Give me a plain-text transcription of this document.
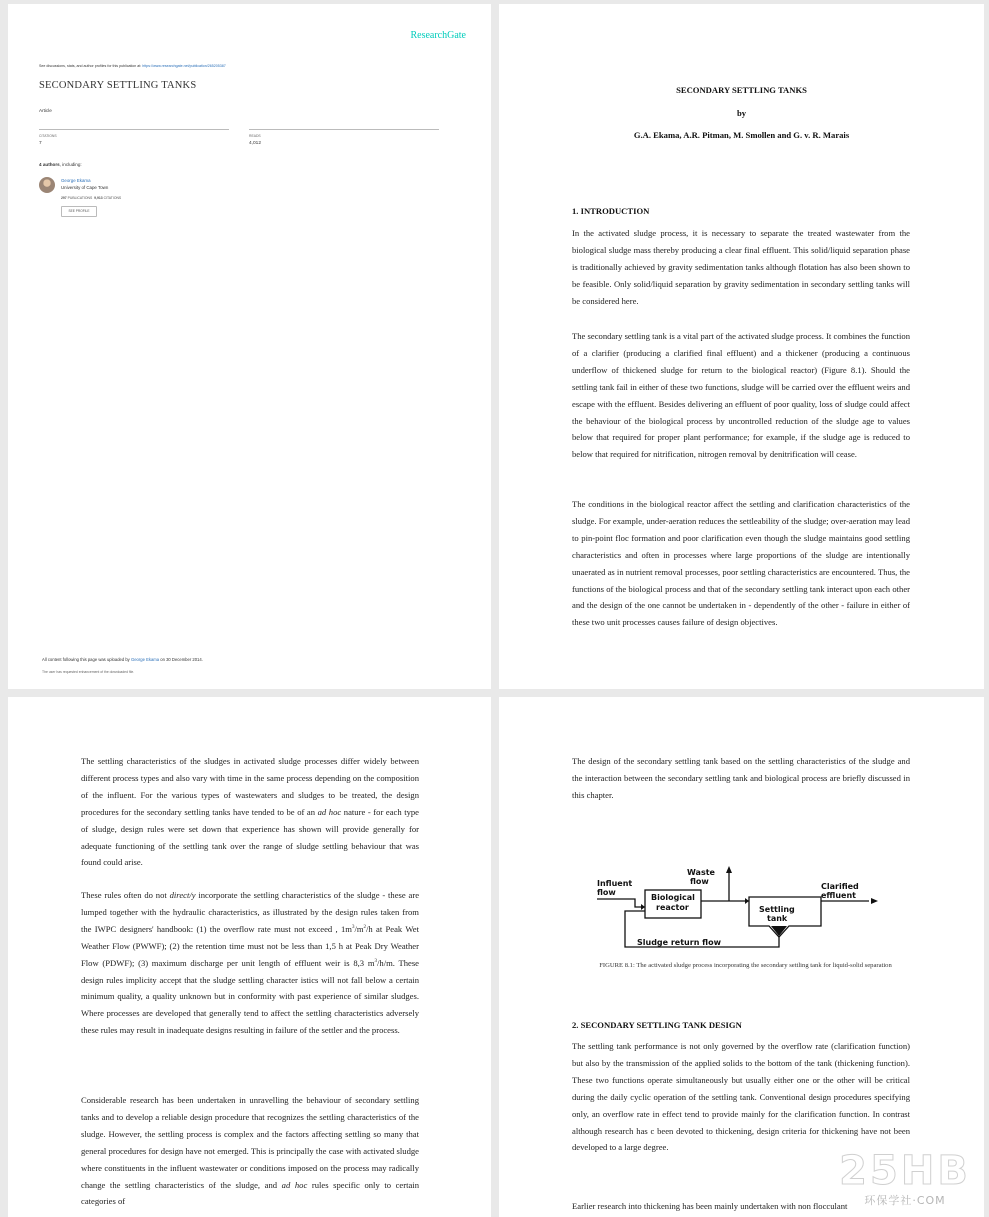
ResearchGate
See discussions, stats, and author profiles for this publication at: https://www.researchgate.net/publication/265205387
SECONDARY SETTLING TANKS
Article
CITATIONS
7
READS
4,012
4 authors, including:
George Ekama
University of Cape Town
297 PUBLICATIONS 9,913 CITATIONS
SEE PROFILE
All content following this page was uploaded by George Ekama on 30 December 2014.
The user has requested enhancement of the downloaded file.
SECONDARY SETTLING TANKS
by
G.A. Ekama, A.R. Pitman, M. Smollen and G. v. R. Marais
1. INTRODUCTION
In the activated sludge process, it is necessary to separate the treated wastewater from the biological sludge mass thereby producing a clear final effluent. This solid/liquid separation phase is traditionally achieved by gravity sedimentation tanks although flotation has also been shown to be feasible. Only solid/liquid separation by gravity sedimentation in secondary settling tanks will be considered here.
The secondary settling tank is a vital part of the activated sludge process. It combines the function of a clarifier (producing a clarified final effluent) and a thickener (producing a continuous underflow of thickened sludge for return to the biological reactor) (Figure 8.1). Should the settling tank fail in either of these two functions, sludge will be carried over the effluent weirs and escape with the effluent. Besides delivering an effluent of poor quality, loss of sludge could affect the behaviour of the biological process by uncontrolled reduction of the sludge age to values below that required for proper plant performance; for example, if the sludge age is reduced to below that required for nitrification, nitrogen removal by denitrification will cease.
The conditions in the biological reactor affect the settling and clarification characteristics of the sludge. For example, under-aeration reduces the settleability of the sludge; over-aeration may lead to pin-point floc formation and poor clarification even though the sludge maintains good settling characteristics and often in processes where large proportions of the sludge are intentionally unaerated as in nutrient removal processes, poor settling characteristics are encountered. Thus, the functions of the biological process and that of the secondary settling tank interact upon each other and the design of the one cannot be undertaken in - dependently of the other - failure in either of these two unit processes causes failure of design objectives.
The settling characteristics of the sludges in activated sludge processes differ widely between different process types and also vary with time in the same process depending on the composition of the influent. For the various types of wastewaters and sludges to be treated, the design procedures for the secondary settling tanks have tended to be of an ad hoc nature - for each type of sludge, design rules were set down that experience has shown will provide generally for adequate functioning of the settling tank over the range of sludge settling behaviour that was found could arise.
These rules often do not direct/y incorporate the settling characteristics of the sludge - these are lumped together with the hydraulic characteristics, as illustrated by the design rules taken from the IWPC designers' handbook: (1) the overflow rate must not exceed , $1m^3/m^2/h$ at Peak Wet Weather Flow (PWWF); (2) the retention time must not be less than 1,5 h at Peak Dry Weather Flow (PDWF); (3) maximum discharge per unit length of effluent weir is 8,3 $m^3/h/m$. These design rules implicity accept that the sludge settling character istics will not fall below a certain minimum quality, a quality unknown but in conformity with past experience of similar sludges. Where processes are developed that generally tend to affect the settling characteristics adversely these rules may result in inadequate designs resulting in failure of the settler and the process.
Considerable research has been undertaken in unravelling the behaviour of secondary settling tanks and to develop a reliable design procedure that recognizes the settling characteristics of the sludge. However, the settling process is complex and the factors affecting settling so many that general procedures for design have not emerged. This is principally the case with activated sludge where constituents in the influent wastewater or conditions imposed on the process may radically change the settling characteristics of the sludge, and ad hoc rules specific only to certain categories of
The design of the secondary settling tank based on the settling characteristics of the sludge and the interaction between the secondary settling tank and biological process are briefly discussed in this chapter.
Influent
flow
Waste
flow
Biological
reactor	Settling
tank
Clarified
effluent
Sludge return flow
FIGURE 8.1: The activated sludge process incorporating the secondary settling tank for liquid-solid separation
2. SECONDARY SETTLING TANK DESIGN
The settling tank performance is not only governed by the overflow rate (clarification function) but also by the transmission of the applied solids to the bottom of the tank (thickening function). These two functions operate simultaneously but usually either one or the other will be critical during the daily cyclic operation of the settling tank. Conventional design procedures specifying only, an overflow rate in effect tend to provide mainly for the clarification function. In contrast although research has c been devoted to thickening, design criteria for thickening have not been developed to a large degree.
Earlier research into thickening has been mainly undertaken with non flocculant
25HB
环保学社·COM
